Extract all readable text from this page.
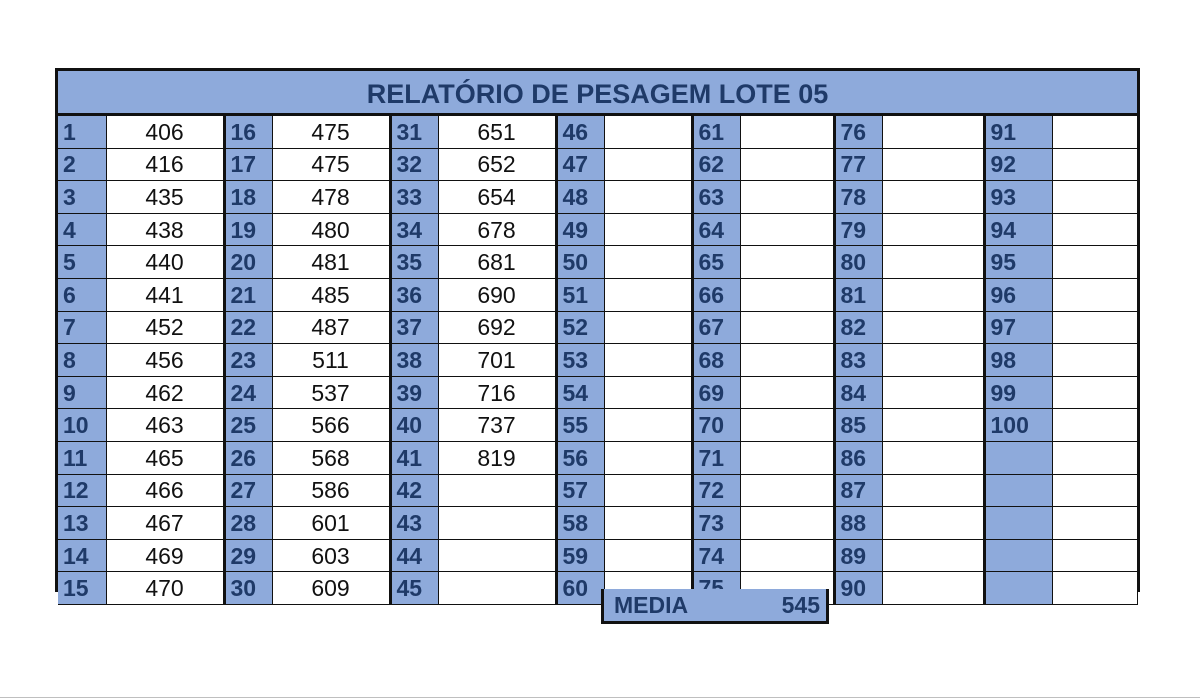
RELATÓRIO DE PESAGEM LOTE 05
1	406	16	475	31	651	46		61		76		91	
2	416	17	475	32	652	47		62		77		92	
3	435	18	478	33	654	48		63		78		93	
4	438	19	480	34	678	49		64		79		94	
5	440	20	481	35	681	50		65		80		95	
6	441	21	485	36	690	51		66		81		96	
7	452	22	487	37	692	52		67		82		97	
8	456	23	511	38	701	53		68		83		98	
9	462	24	537	39	716	54		69		84		99	
10	463	25	566	40	737	55		70		85		100	
11	465	26	568	41	819	56		71		86			
12	466	27	586	42		57		72		87			
13	467	28	601	43		58		73		88			
14	469	29	603	44		59		74		89			
15	470	30	609	45		60				90			
MEDIA	545
